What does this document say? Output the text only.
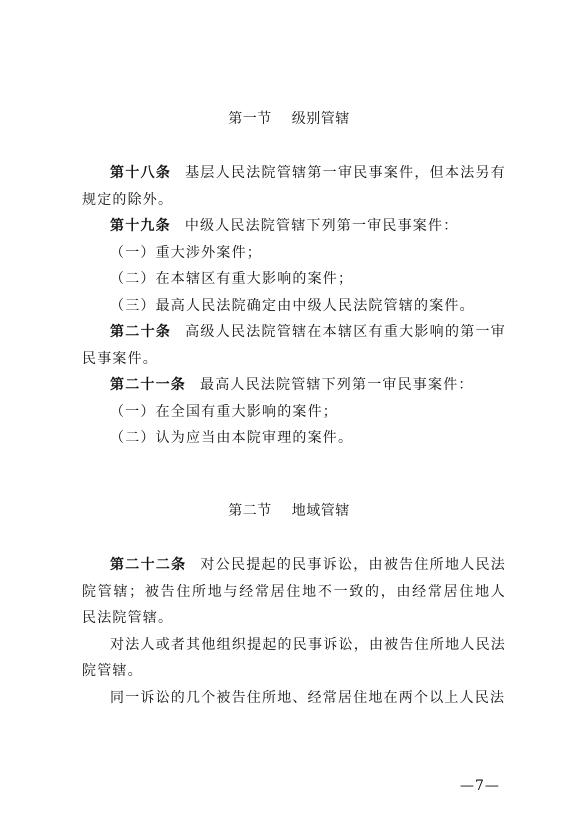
第一节 级别管辖

第十八条 基层人民法院管辖第一审民事案件，但本法另有规定的除外。

第十九条 中级人民法院管辖下列第一审民事案件：

（一）重大涉外案件；

（二）在本辖区有重大影响的案件；

（三）最高人民法院确定由中级人民法院管辖的案件。

第二十条 高级人民法院管辖在本辖区有重大影响的第一审民事案件。

第二十一条 最高人民法院管辖下列第一审民事案件：

（一）在全国有重大影响的案件；

（二）认为应当由本院审理的案件。

第二节 地域管辖

第二十二条 对公民提起的民事诉讼，由被告住所地人民法院管辖；被告住所地与经常居住地不一致的，由经常居住地人民法院管辖。

对法人或者其他组织提起的民事诉讼，由被告住所地人民法院管辖。

同一诉讼的几个被告住所地、经常居住地在两个以上人民法

—7—
